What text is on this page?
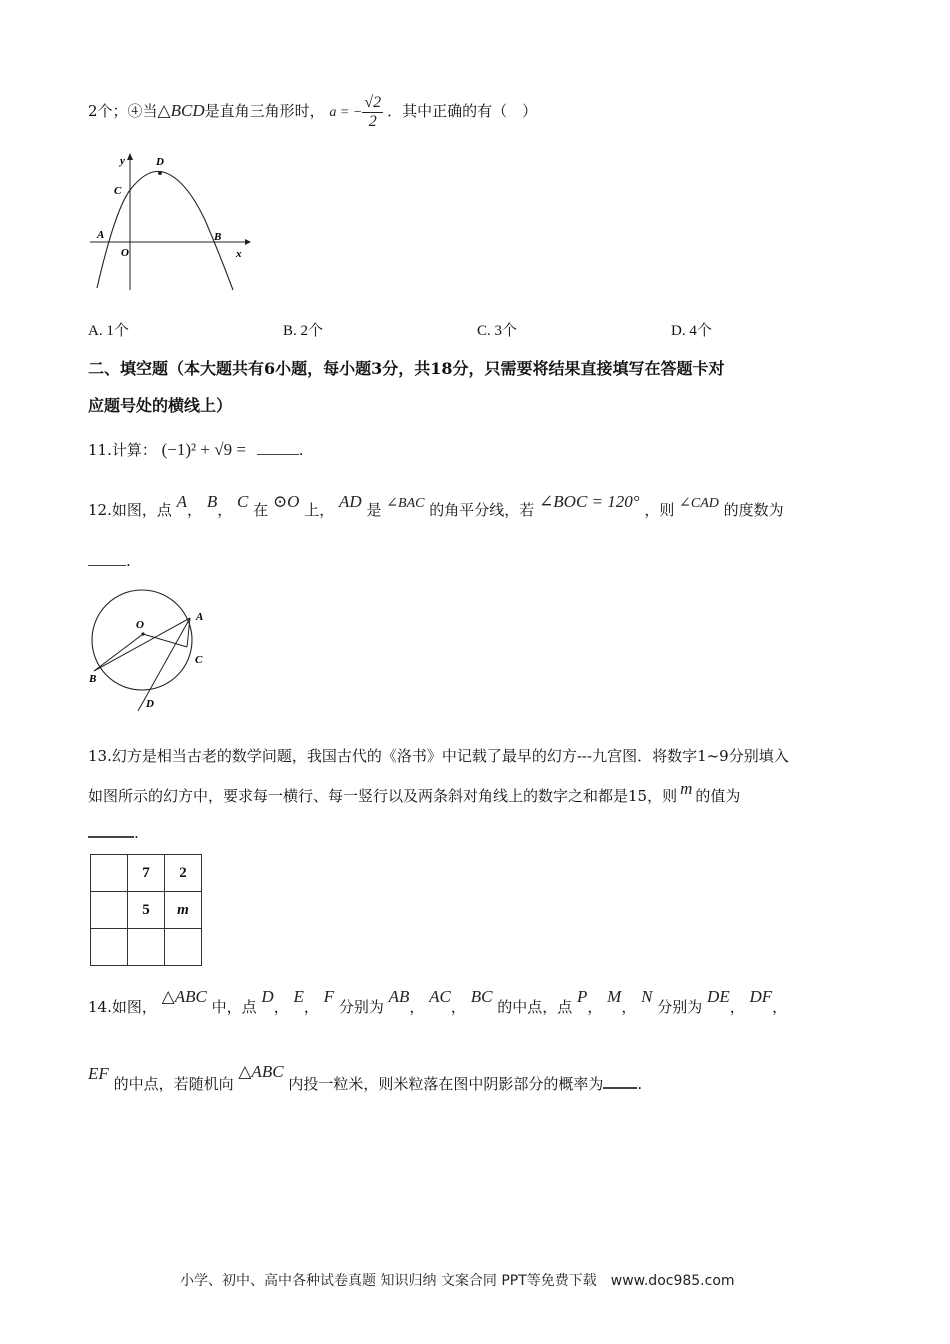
2个；④当△BCD是直角三角形时， a = − $\frac{√2}{2}$ ．其中正确的有（　）
y	D
C
A
O
B
x
A. 1个	B. 2个	C. 3个	D. 4个
二、填空题（本大题共有6小题，每小题3分，共18分，只需要将结果直接填写在答题卡对
应题号处的横线上）
11.计算： (−1)² + √9 =	.
12.如图，点 A， B， C 在 ⊙O 上， AD 是 ∠BAC 的角平分线，若 ∠BOC = 120° ，则 ∠CAD 的度数为
.
O
A
C
B
D
13.幻方是相当古老的数学问题，我国古代的《洛书》中记载了最早的幻方---九宫图．将数字1~9分别填入
如图所示的幻方中，要求每一横行、每一竖行以及两条斜对角线上的数字之和都是15，则 m 的值为
.
	7	2
	5	m

14.如图， △ABC 中，点 D， E， F 分别为 AB， AC， BC 的中点，点 P， M， N 分别为 DE， DF，
EF 的中点，若随机向 △ABC 内投一粒米，则米粒落在图中阴影部分的概率为 .
小学、初中、高中各种试卷真题 知识归纳 文案合同 PPT等免费下载　www.doc985.com
